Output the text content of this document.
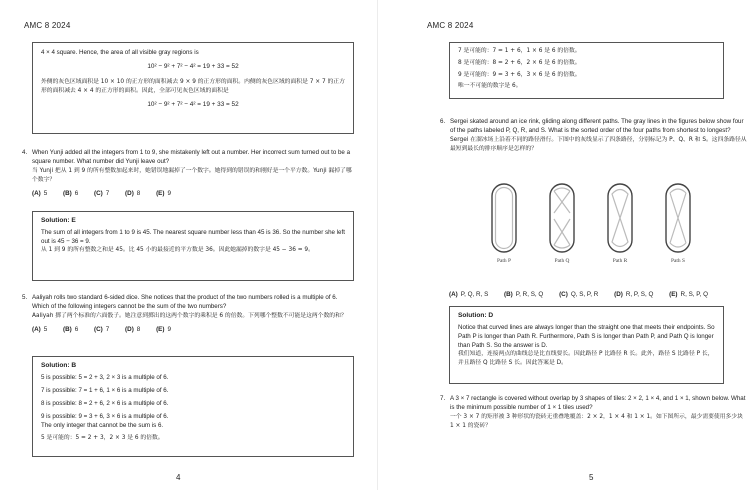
AMC 8 2024
4 × 4 square. Hence, the area of all visible gray regions is
10² − 9² + 7² − 4² = 19 + 33 = 52
外侧的灰色区域面积是 10 × 10 的正方形的面积减去 9 × 9 的正方形的面积。内侧的灰色区域的面积是 7 × 7 的正方形的面积减去 4 × 4 的正方形的面积。因此，全部可见灰色区域的面积是
10² − 9² + 7² − 4² = 19 + 33 = 52
4. When Yunji added all the integers from 1 to 9, she mistakenly left out a number. Her incorrect sum turned out to be a square number. What number did Yunji leave out?
当 Yunji 把从 1 到 9 的所有整数加起来时，她错误地漏掉了一个数字。她得到的错误的和刚好是一个平方数。Yunji 漏掉了哪个数字？
(A) 5	(B) 6	(C) 7	(D) 8	(E) 9
Solution: E
The sum of all integers from 1 to 9 is 45. The nearest square number less than 45 is 36. So the number she left out is 45 − 36 = 9.
从 1 到 9 的所有整数之和是 45。比 45 小的最接近的平方数是 36。因此她漏掉的数字是 45 − 36 = 9。
5. Aaliyah rolls two standard 6-sided dice. She notices that the product of the two numbers rolled is a multiple of 6. Which of the following integers cannot be the sum of the two numbers?
Aaliyah 掷了两个标准的六面骰子。她注意到掷出的这两个数字的乘积是 6 的倍数。下列哪个整数不可能是这两个数的和？
(A) 5	(B) 6	(C) 7	(D) 8	(E) 9
Solution: B
5 is possible: 5 = 2 + 3, 2 × 3 is a multiple of 6.
7 is possible: 7 = 1 + 6, 1 × 6 is a multiple of 6.
8 is possible: 8 = 2 + 6, 2 × 6 is a multiple of 6.
9 is possible: 9 = 3 + 6, 3 × 6 is a multiple of 6.
The only integer that cannot be the sum is 6.
5 是可能的：5 = 2 + 3，2 × 3 是 6 的倍数。
4
AMC 8 2024
7 是可能的：7 = 1 + 6，1 × 6 是 6 的倍数。
8 是可能的：8 = 2 + 6，2 × 6 是 6 的倍数。
9 是可能的：9 = 3 + 6，3 × 6 是 6 的倍数。
唯一不可能的数字是 6。
6. Sergei skated around an ice rink, gliding along different paths. The gray lines in the figures below show four of the paths labeled P, Q, R, and S. What is the sorted order of the four paths from shortest to longest?
Sergei 在溜冰场上沿着不同的路径滑行。下图中的灰线显示了四条路径，分别标记为 P、Q、R 和 S。这四条路径从最短到最长的排序顺序是怎样的？
Path P	Path Q	Path R	Path S
(A) P, Q, R, S	(B) P, R, S, Q	(C) Q, S, P, R	(D) R, P, S, Q	(E) R, S, P, Q
Solution: D
Notice that curved lines are always longer than the straight one that meets their endpoints. So Path P is longer than Path R. Furthermore, Path S is longer than Path P, and Path Q is longer than Path S. So the answer is D.
我们知道，连接两点的曲线总是比直线要长。因此路径 P 比路径 R 长。此外，路径 S 比路径 P 长，并且路径 Q 比路径 S 长。因此答案是 D。
7. A 3 × 7 rectangle is covered without overlap by 3 shapes of tiles: 2 × 2, 1 × 4, and 1 × 1, shown below. What is the minimum possible number of 1 × 1 tiles used?
一个 3 × 7 的矩形被 3 种形状的瓷砖无重叠地覆盖：2 × 2，1 × 4 和 1 × 1。如下图所示，最少需要使用多少块 1 × 1 的瓷砖？
5
